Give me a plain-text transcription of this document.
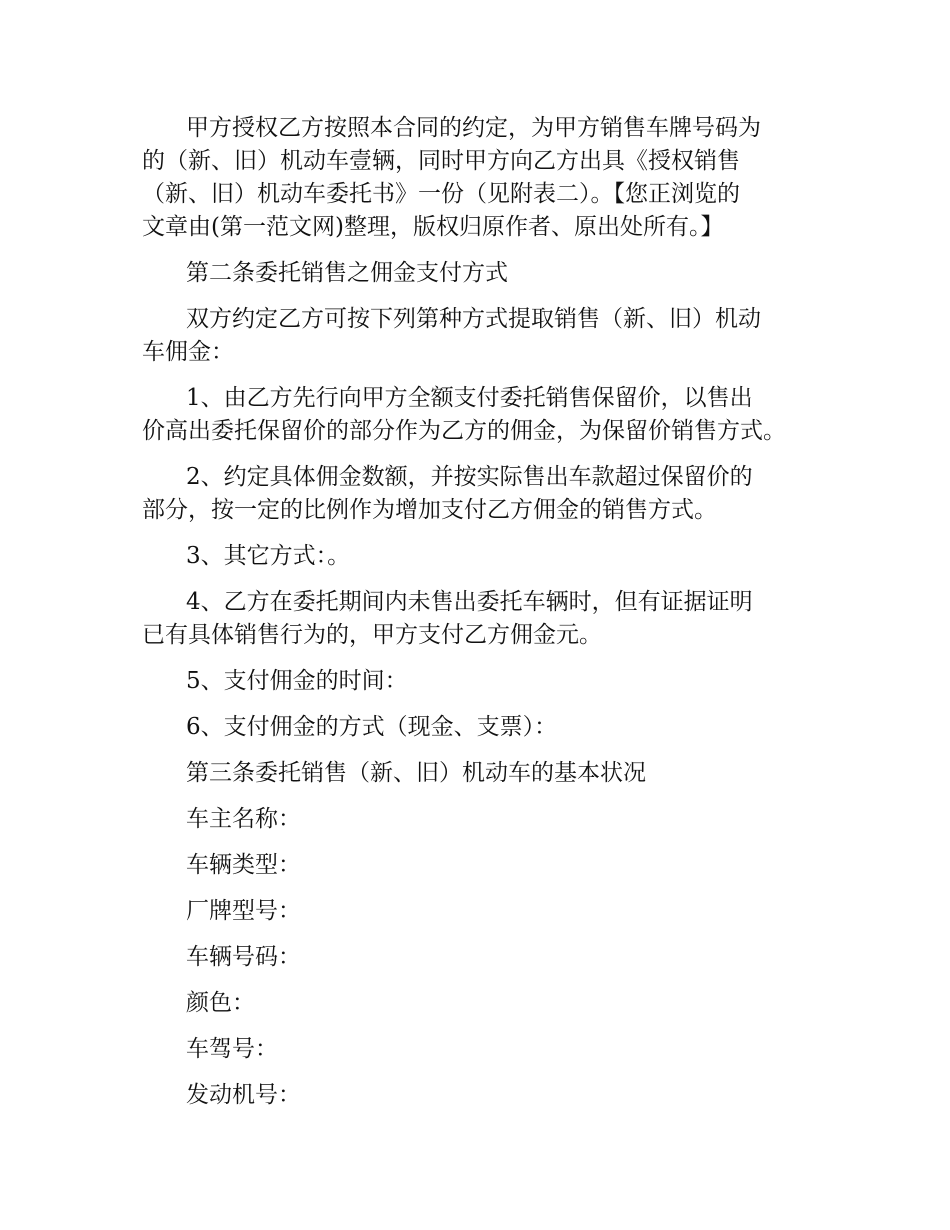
甲方授权乙方按照本合同的约定，为甲方销售车牌号码为
的（新、旧）机动车壹辆，同时甲方向乙方出具《授权销售
（新、旧）机动车委托书》一份（见附表二）。【您正浏览的
文章由(第一范文网)整理，版权归原作者、原出处所有。】

第二条委托销售之佣金支付方式

双方约定乙方可按下列第种方式提取销售（新、旧）机动
车佣金：

1、由乙方先行向甲方全额支付委托销售保留价，以售出
价高出委托保留价的部分作为乙方的佣金，为保留价销售方式。

2、约定具体佣金数额，并按实际售出车款超过保留价的
部分，按一定的比例作为增加支付乙方佣金的销售方式。

3、其它方式：。

4、乙方在委托期间内未售出委托车辆时，但有证据证明
已有具体销售行为的，甲方支付乙方佣金元。

5、支付佣金的时间：

6、支付佣金的方式（现金、支票）：

第三条委托销售（新、旧）机动车的基本状况

车主名称：

车辆类型：

厂牌型号：

车辆号码：

颜色：

车驾号：

发动机号：
